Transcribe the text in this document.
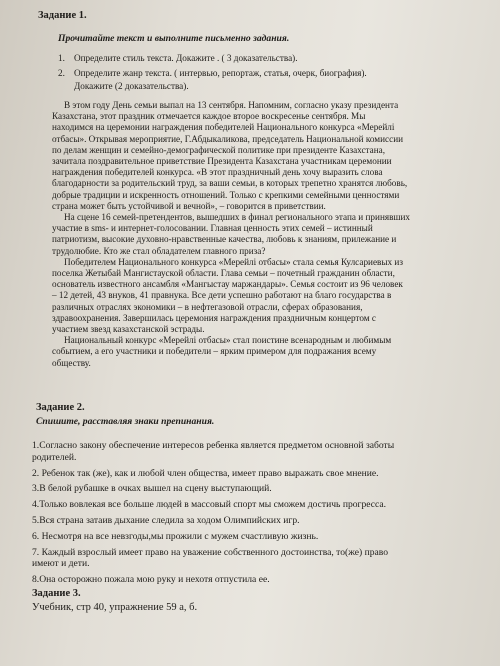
Задание 1.
Прочитайте текст и выполните письменно задания.
1. Определите стиль текста. Докажите . ( 3 доказательства).
2. Определите жанр текста. ( интервью, репортаж, статья, очерк, биография).
Докажите (2 доказательства).
В этом году День семьи выпал на 13 сентября. Напомним, согласно указу президента
Казахстана, этот праздник отмечается каждое второе воскресенье сентября. Мы
находимся на церемонии награждения победителей Национального конкурса «Мерейлі
отбасы». Открывая мероприятие, Г.Абдыкаликова, председатель Национальной комиссии
по делам женщин и семейно-демографической политике при президенте Казахстана,
зачитала поздравительное приветствие Президента Казахстана участникам церемонии
награждения победителей конкурса. «В этот праздничный день хочу выразить слова
благодарности за родительский труд, за ваши семьи, в которых трепетно хранятся любовь,
добрые традиции и искренность отношений. Только с крепкими семейными ценностями
страна может быть устойчивой и вечной», – говорится в приветствии.
На сцене 16 семей-претендентов, вышедших в финал регионального этапа и принявших
участие в sms- и интернет-голосовании. Главная ценность этих семей – истинный
патриотизм, высокие духовно-нравственные качества, любовь к знаниям, прилежание и
трудолюбие. Кто же стал обладателем главного приза?
Победителем Национального конкурса «Мерейлі отбасы» стала семья Кулсариевых из
поселка Жетыбай Мангистауской области. Глава семьи – почетный гражданин области,
основатель известного ансамбля «Мангыстау маржандары». Семья состоит из 96 человек
– 12 детей, 43 внуков, 41 правнука. Все дети успешно работают на благо государства в
различных отраслях экономики – в нефтегазовой отрасли, сферах образования,
здравоохранения. Завершилась церемония награждения праздничным концертом с
участием звезд казахстанской эстрады.
Национальный конкурс «Мерейлі отбасы» стал поистине всенародным и любимым
событием, а его участники и победители – ярким примером для подражания всему
обществу.
Задание 2.
Спишите, расставляя знаки препинания.
1.Согласно закону обеспечение интересов ребенка является предметом основной заботы
родителей.
2. Ребенок так (же), как и любой член общества, имеет право выражать свое мнение.
3.В белой рубашке в очках вышел на сцену выступающий.
4.Только вовлекая все больше людей в массовый спорт мы сможем достичь прогресса.
5.Вся страна затаив дыхание следила за ходом Олимпийских игр.
6. Несмотря на все невзгоды,мы прожили с мужем счастливую жизнь.
7. Каждый взрослый имеет право на уважение собственного достоинства, то(же) право
имеют и дети.
8.Она осторожно пожала мою руку и нехотя отпустила ее.
Задание 3.
Учебник, стр 40, упражнение 59 а, б.
